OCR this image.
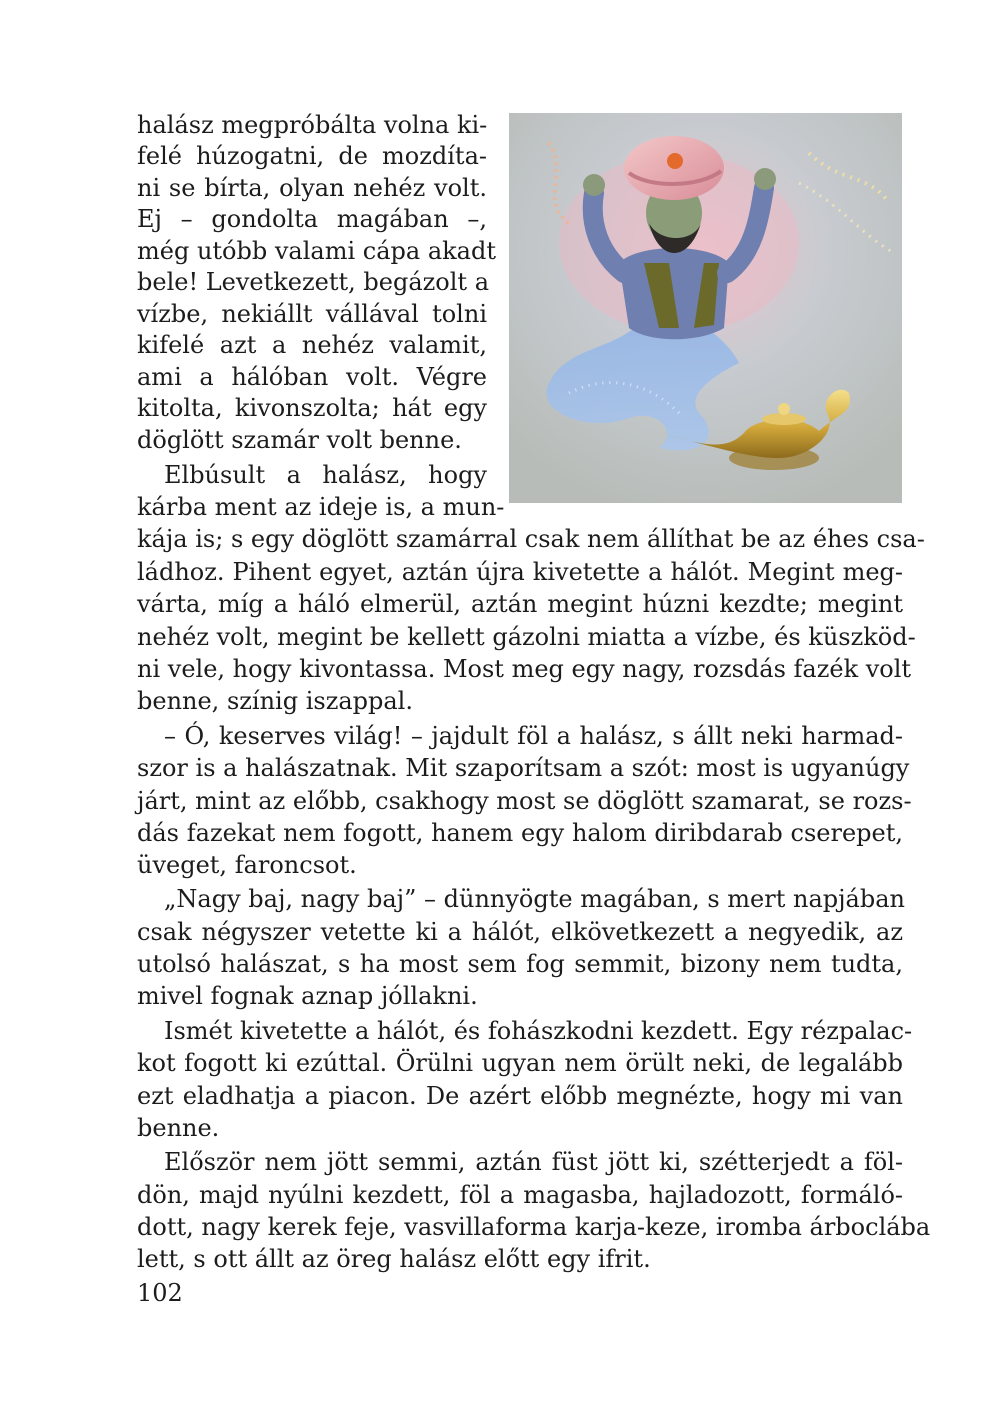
halász megpróbálta volna ki-
felé húzogatni, de mozdíta-
ni se bírta, olyan nehéz volt.
Ej – gondolta magában –,
még utóbb valami cápa akadt
bele! Levetkezett, begázolt a
vízbe, nekiállt vállával tolni
kifelé azt a nehéz valamit,
ami a hálóban volt. Végre
kitolta, kivonszolta; hát egy
döglött szamár volt benne.
Elbúsult a halász, hogy
kárba ment az ideje is, a mun-
kája is; s egy döglött szamárral csak nem állíthat be az éhes csa-
ládhoz. Pihent egyet, aztán újra kivetette a hálót. Megint meg-
várta, míg a háló elmerül, aztán megint húzni kezdte; megint
nehéz volt, megint be kellett gázolni miatta a vízbe, és küszköd-
ni vele, hogy kivontassa. Most meg egy nagy, rozsdás fazék volt
benne, színig iszappal.
– Ó, keserves világ! – jajdult föl a halász, s állt neki harmad-
szor is a halászatnak. Mit szaporítsam a szót: most is ugyanúgy
járt, mint az előbb, csakhogy most se döglött szamarat, se rozs-
dás fazekat nem fogott, hanem egy halom diribdarab cserepet,
üveget, faroncsot.
„Nagy baj, nagy baj” – dünnyögte magában, s mert napjában
csak négyszer vetette ki a hálót, elkövetkezett a negyedik, az
utolsó halászat, s ha most sem fog semmit, bizony nem tudta,
mivel fognak aznap jóllakni.
Ismét kivetette a hálót, és fohászkodni kezdett. Egy rézpalac-
kot fogott ki ezúttal. Örülni ugyan nem örült neki, de legalább
ezt eladhatja a piacon. De azért előbb megnézte, hogy mi van
benne.
Először nem jött semmi, aztán füst jött ki, szétterjedt a föl-
dön, majd nyúlni kezdett, föl a magasba, hajladozott, formáló-
dott, nagy kerek feje, vasvillaforma karja-keze, iromba árboclába
lett, s ott állt az öreg halász előtt egy ifrit.
102
